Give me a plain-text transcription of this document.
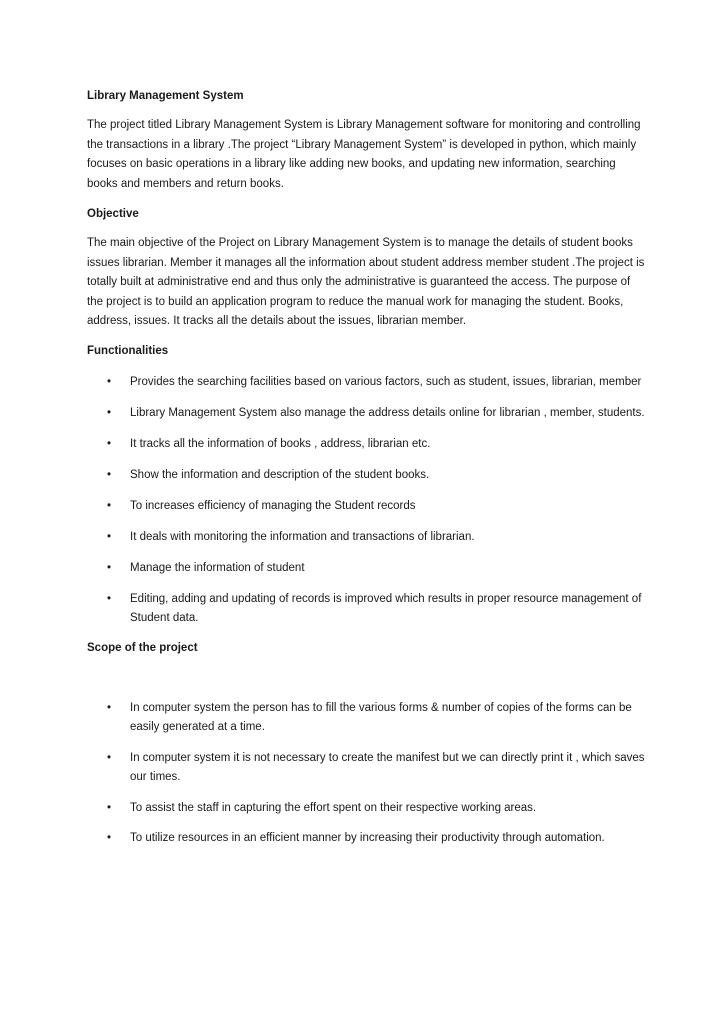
Library Management System

The project titled Library Management System is Library Management software for monitoring and controlling the transactions in a library .The project “Library Management System” is developed in python, which mainly focuses on basic operations in a library like adding new books, and updating new information, searching books and members and return books.

Objective

The main objective of the Project on Library Management System is to manage the details of student books issues librarian. Member it manages all the information about student address member student .The project is totally built at administrative end and thus only the administrative is guaranteed the access. The purpose of the project is to build an application program to reduce the manual work for managing the student. Books, address, issues. It tracks all the details about the issues, librarian member.

Functionalities
• Provides the searching facilities based on various factors, such as student, issues, librarian, member
• Library Management System also manage the address details online for librarian , member, students.
• It tracks all the information of books , address, librarian etc.
• Show the information and description of the student books.
• To increases efficiency of managing the Student records
• It deals with monitoring the information and transactions of librarian.
• Manage the information of student
• Editing, adding and updating of records is improved which results in proper resource management of Student data.
Scope of the project
• In computer system the person has to fill the various forms & number of copies of the forms can be easily generated at a time.
• In computer system it is not necessary to create the manifest but we can directly print it , which saves our times.
• To assist the staff in capturing the effort spent on their respective working areas.
• To utilize resources in an efficient manner by increasing their productivity through automation.
